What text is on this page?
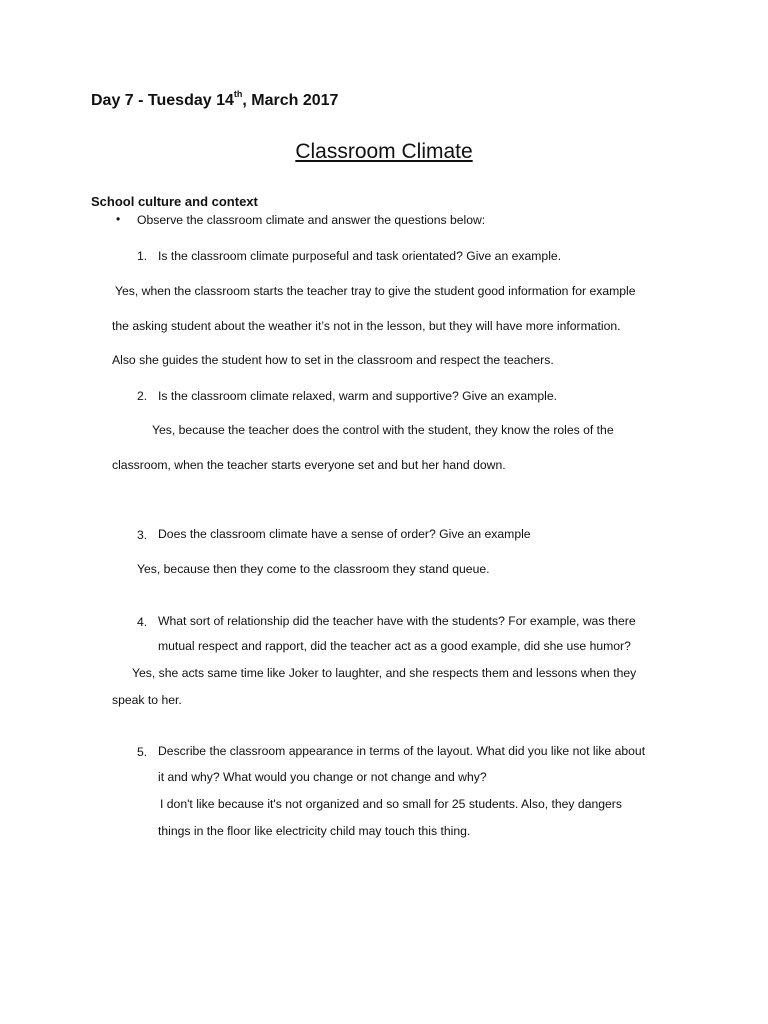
Day 7 - Tuesday 14th, March 2017
Classroom Climate
School culture and context
• Observe the classroom climate and answer the questions below:
1. Is the classroom climate purposeful and task orientated? Give an example.
Yes, when the classroom starts the teacher tray to give the student good information for example
the asking student about the weather it’s not in the lesson, but they will have more information.
Also she guides the student how to set in the classroom and respect the teachers.
2. Is the classroom climate relaxed, warm and supportive? Give an example.
Yes, because the teacher does the control with the student, they know the roles of the
classroom, when the teacher starts everyone set and but her hand down.
3. Does the classroom climate have a sense of order? Give an example
Yes, because then they come to the classroom they stand queue.
4. What sort of relationship did the teacher have with the students? For example, was there
mutual respect and rapport, did the teacher act as a good example, did she use humor?
Yes, she acts same time like Joker to laughter, and she respects them and lessons when they
speak to her.
5. Describe the classroom appearance in terms of the layout. What did you like not like about
it and why? What would you change or not change and why?
I don't like because it's not organized and so small for 25 students. Also, they dangers
things in the floor like electricity child may touch this thing.
